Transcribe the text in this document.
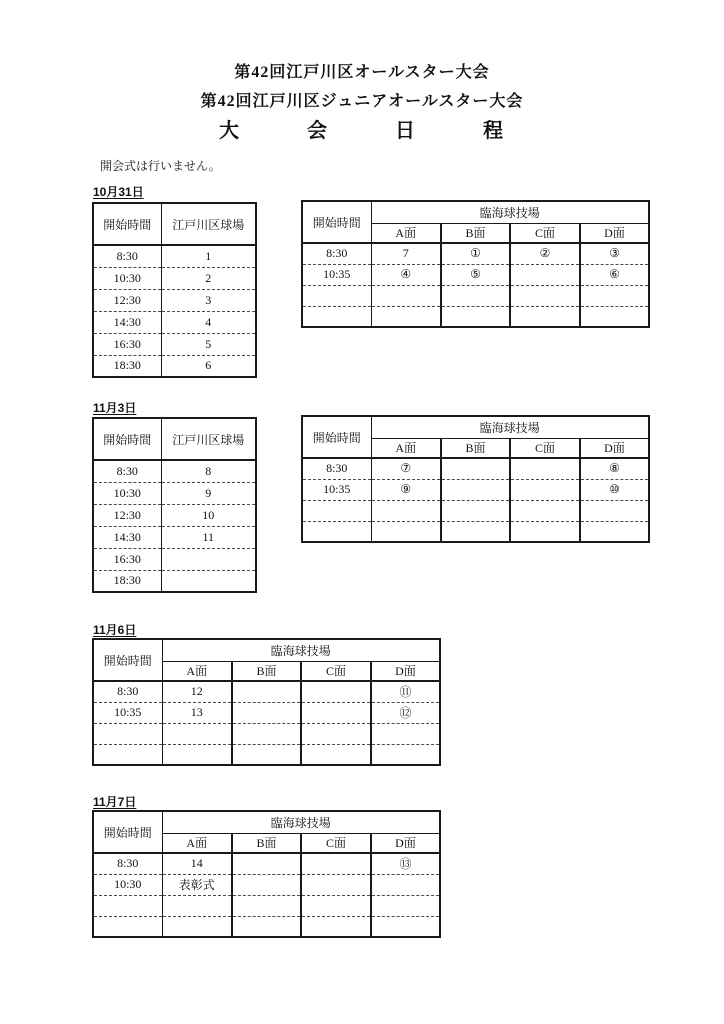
第42回江戸川区オールスター大会
第42回江戸川区ジュニアオールスター大会
大　　　会　　　日　　　程
開会式は行いません。
10月31日
開始時間	江戸川区球場
8:30	1
10:30	2
12:30	3
14:30	4
16:30	5
18:30	6
開始時間	臨海球技場			
	A面	B面	C面	D面
8:30	7	①	②	③
10:35	④	⑤		⑥

11月3日
開始時間	江戸川区球場
8:30	8
10:30	9
12:30	10
14:30	11
16:30	
18:30	
開始時間	臨海球技場			
	A面	B面	C面	D面
8:30	⑦			⑧
10:35	⑨			⑩

11月6日
開始時間	臨海球技場			
	A面	B面	C面	D面
8:30	12			⑪
10:35	13			⑫

11月7日
開始時間	臨海球技場			
	A面	B面	C面	D面
8:30	14			⑬
10:30	表彰式			
